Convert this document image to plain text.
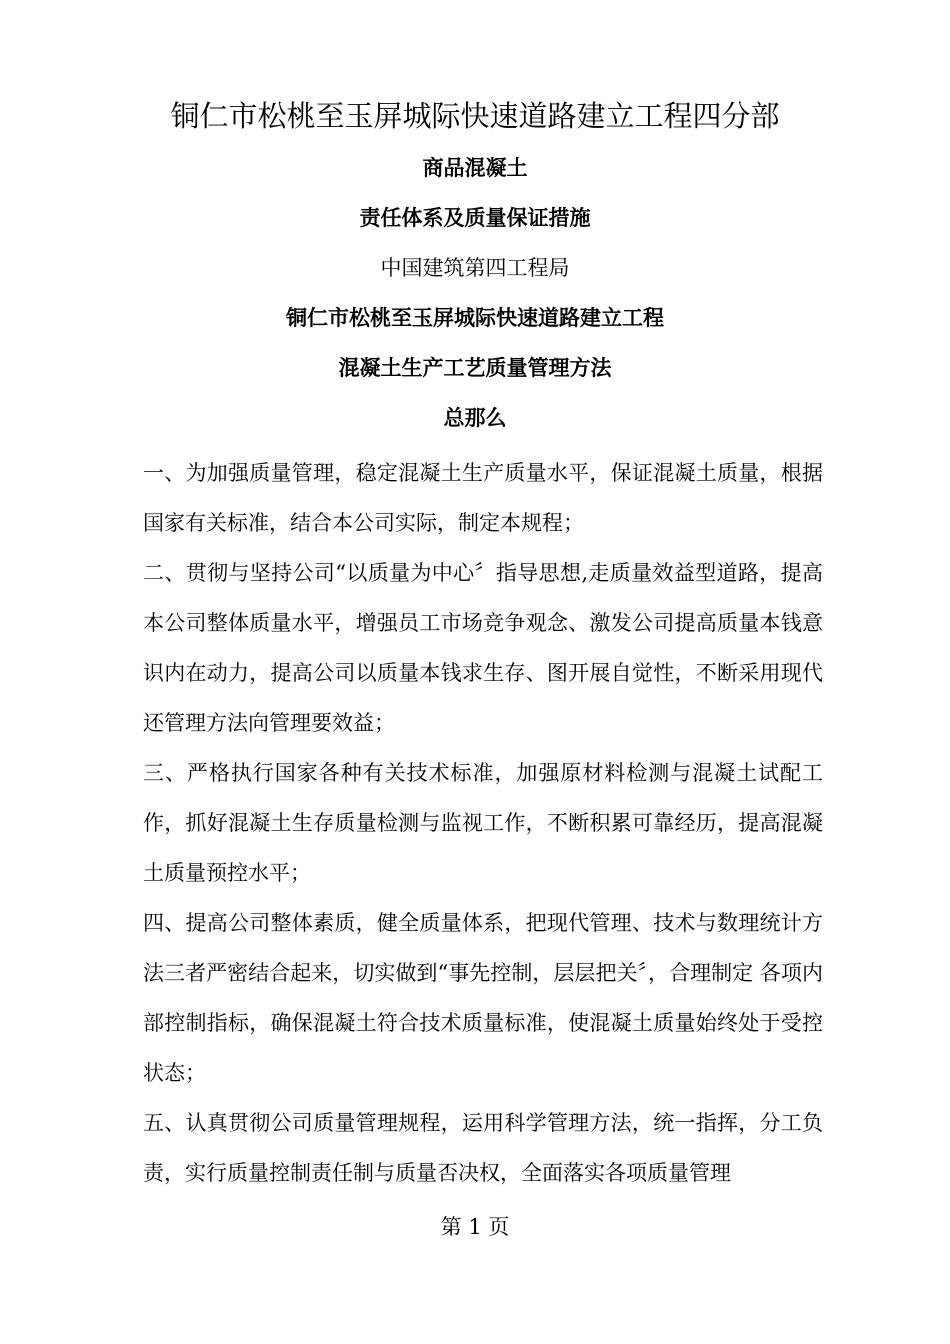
铜仁市松桃至玉屏城际快速道路建立工程四分部
商品混凝土
责任体系及质量保证措施
中国建筑第四工程局
铜仁市松桃至玉屏城际快速道路建立工程
混凝土生产工艺质量管理方法
总那么

一、为加强质量管理，稳定混凝土生产质量水平，保证混凝土质量，根据国家有关标准，结合本公司实际，制定本规程；

二、贯彻与坚持公司“以质量为中心〞指导思想,走质量效益型道路，提高本公司整体质量水平，增强员工市场竞争观念、激发公司提高质量本钱意识内在动力，提高公司以质量本钱求生存、图开展自觉性，不断采用现代还管理方法向管理要效益；

三、严格执行国家各种有关技术标准，加强原材料检测与混凝土试配工作，抓好混凝土生存质量检测与监视工作，不断积累可靠经历，提高混凝土质量预控水平；

四、提高公司整体素质，健全质量体系，把现代管理、技术与数理统计方法三者严密结合起来，切实做到“事先控制，层层把关〞，合理制定 各项内部控制指标，确保混凝土符合技术质量标准，使混凝土质量始终处于受控状态；

五、认真贯彻公司质量管理规程，运用科学管理方法，统一指挥，分工负责，实行质量控制责任制与质量否决权，全面落实各项质量管理

第 1 页
